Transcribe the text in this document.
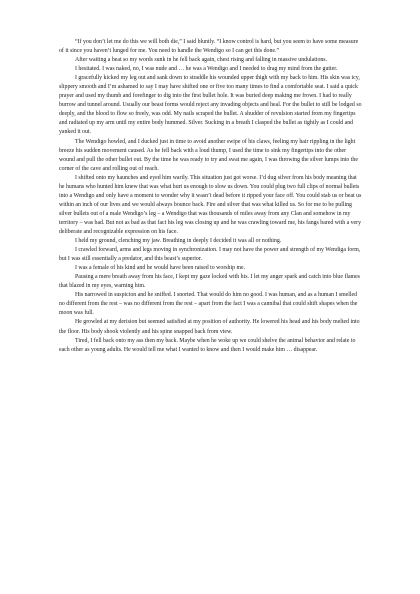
“If you don’t let me do this we will both die,” I said bluntly. “I know control is hard, but you seem to have some measure of it since you haven’t lunged for me. You need to handle the Wendigo so I can get this done.”

After waiting a beat so my words sunk in he fell back again, chest rising and falling in massive undulations.

I hesitated. I was naked, no, I was nude and … he was a Wendigo and I needed to drag my mind from the gutter.

I gracefully kicked my leg out and sank down to straddle his wounded upper thigh with my back to him. His skin was icy, slippery smooth and I’m ashamed to say I may have shifted one or five too many times to find a comfortable seat. I said a quick prayer and used my thumb and forefinger to dig into the first bullet hole. It was buried deep making me frown. I had to really burrow and tunnel around. Usually our beast forms would reject any invading objects and heal. For the bullet to still be lodged so deeply, and the blood to flow so freely, was odd. My nails scraped the bullet. A shudder of revulsion started from my fingertips and radiated up my arm until my entire body hummed. Silver. Sucking in a breath I clasped the bullet as tightly as I could and yanked it out.

The Wendigo howled, and I ducked just in time to avoid another swipe of his claws, feeling my hair rippling in the light breeze his sudden movement caused. As he fell back with a loud thump, I used the time to sink my fingertips into the other wound and pull the other bullet out. By the time he was ready to try and swat me again, I was throwing the silver lumps into the corner of the cave and rolling out of reach.

I shifted onto my haunches and eyed him warily. This situation just got worse. I’d dug silver from his body meaning that he humans who hunted him knew that was what hurt us enough to slow us down. You could plug two full clips of normal bullets into a Wendigo and only have a moment to wonder why it wasn’t dead before it ripped your face off. You could stab us or beat us within an inch of our lives and we would always bounce back. Fire and silver that was what killed us. So for me to be pulling silver bullets out of a male Wendigo’s leg – a Wendigo that was thousands of miles away from any Clan and somehow in my territory – was bad. But not as bad as that fact his leg was closing up and he was crawling toward me, his fangs bared with a very deliberate and recognizable expression on his face.

I held my ground, clenching my jaw. Breathing in deeply I decided it was all or nothing.

I crawled forward, arms and legs moving in synchronization. I may not have the power and strength of my Wendiga form, but I was still essentially a predator, and this beast’s superior.

I was a female of his kind and he would have been raised to worship me.

Pausing a mere breath away from his face, I kept my gaze locked with his. I let my anger spark and catch into blue flames that blazed in my eyes, warning him.

His narrowed in suspicion and he sniffed. I snorted. That would do him no good. I was human, and as a human I smelled no different from the rest – was no different from the rest – apart from the fact I was a cannibal that could shift shapes when the moon was full.

He growled at my derision but seemed satisfied at my position of authority. He lowered his head and his body melted into the floor. His body shook violently and his spine snapped back from view.

Tired, I fell back onto my ass then my back. Maybe when he woke up we could shelve the animal behavior and relate to each other as young adults. He would tell me what I wanted to know and then I would make him … disappear.
